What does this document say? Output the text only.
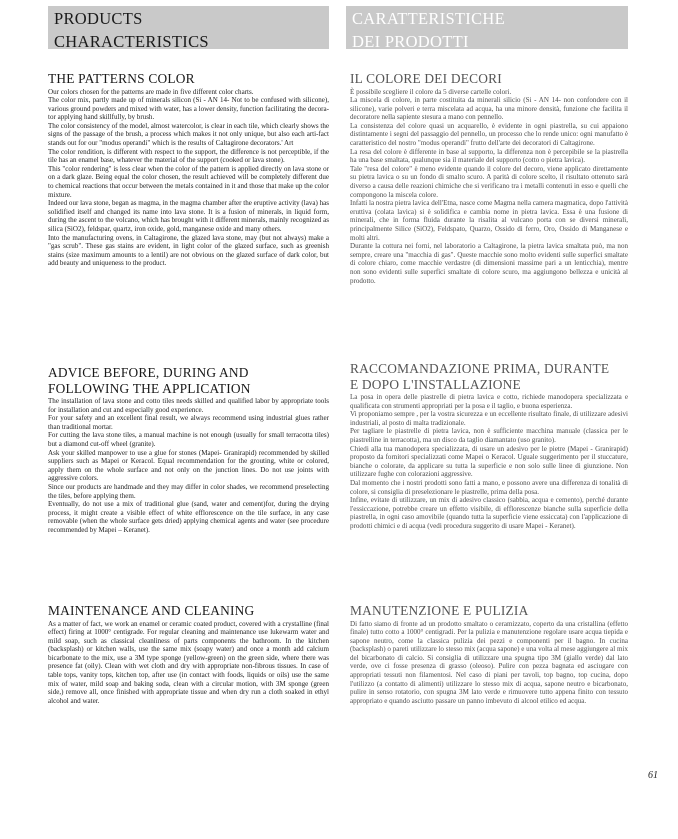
PRODUCTS
CHARACTERISTICS
CARATTERISTICHE
DEI PRODOTTI
THE PATTERNS COLOR

Our colors chosen for the patterns are made in five different color charts.

The color mix, partly made up of minerals silicon (Si - AN 14- Not to be confused with silicone), various ground powders and mixed with water, has a lower density, function facilitating the decora-tor applying hand skillfully, by brush.

The color consistency of the model, almost watercolor, is clear in each tile, which clearly shows the signs of the passage of the brush, a process which makes it not only unique, but also each arti-fact stands out for our "modus operandi" which is the results of Caltagirone decorators.' Art

The color rendition, is different with respect to the support, the difference is not perceptible, if the tile has an enamel base, whatever the material of the support (cooked or lava stone).

This "color rendering" is less clear when the color of the pattern is applied directly on lava stone or on a dark glaze. Being equal the color chosen, the result achieved will be completely different due to chemical reactions that occur between the metals contained in it and those that make up the color mixture.

Indeed our lava stone, began as magma, in the magma chamber after the eruptive activity (lava) has solidified itself and changed its name into lava stone. It is a fusion of minerals, in liquid form, during the ascent to the volcano, which has brought with it different minerals, mainly recognized as silica (SiO2), feldspar, quartz, iron oxide, gold, manganese oxide and many others.

Into the manufacturing ovens, in Caltagirone, the glazed lava stone, may (but not always) make a "gas scrub". These gas stains are evident, in light color of the glazed surface, such as greenish stains (size maximum amounts to a lentil) are not obvious on the glazed surface of dark color, but add beauty and uniqueness to the product.

ADVICE BEFORE, DURING AND
FOLLOWING THE APPLICATION

The installation of lava stone and cotto tiles needs skilled and qualified labor by appropriate tools for installation and cut and especially good experience.

For your safety and an excellent final result, we always recommend using industrial glues rather than traditional mortar.

For cutting the lava stone tiles, a manual machine is not enough (usually for small terracotta tiles) but a diamond cut-off wheel (granite).

Ask your skilled manpower to use a glue for stones (Mapei- Granirapid) recommended by skilled suppliers such as Mapei or Keracol. Equal recommendation for the grouting, white or colored, apply them on the whole surface and not only on the junction lines. Do not use joints with aggressive colors.

Since our products are handmade and they may differ in color shades, we recommend preselecting the tiles, before applying them.

Eventually, do not use a mix of traditional glue (sand, water and cement)for, during the drying process, it might create a visible effect of white efflorescence on the tile surface, in any case removable (when the whole surface gets dried) applying chemical agents and water (see procedure recommended by Mapei – Keranet).

MAINTENANCE AND CLEANING

As a matter of fact, we work an enamel or ceramic coated product, covered with a crystalline (final effect) firing at 1000° centigrade. For regular cleaning and maintenance use lukewarm water and mild soap, such as classical cleanliness of parts components the bathroom. In the kitchen (backsplash) or kitchen walls, use the same mix (soapy water) and once a month add calcium bicarbonate to the mix, use a 3M type sponge (yellow-green) on the green side, where there was presence fat (oily). Clean with wet cloth and dry with appropriate non-fibrous tissues. In case of table tops, vanity tops, kitchen top, after use (in contact with foods, liquids or oils) use the same mix of water, mild soap and baking soda, clean with a circular motion, with 3M sponge (green side,) remove all, once finished with appropriate tissue and when dry run a cloth soaked in ethyl alcohol and water.

IL COLORE DEI DECORI

È possibile scegliere il colore da 5 diverse cartelle colori.

La miscela di colore, in parte costituita da minerali silicio (Si - AN 14- non confondere con il silicone), varie polveri e terra miscelata ad acqua, ha una minore densità, funzione che facilita il decoratore nella sapiente stesura a mano con pennello.

La consistenza del colore quasi un acquarello, è evidente in ogni piastrella, su cui appaiono distintamente i segni del passaggio del pennello, un processo che lo rende unico: ogni manufatto è caratteristico del nostro "modus operandi" frutto dell'arte dei decoratori di Caltagirone.

La resa del colore è differente in base al supporto, la differenza non è percepibile se la piastrella ha una base smaltata, qualunque sia il materiale del supporto (cotto o pietra lavica).

Tale "resa del colore" è meno evidente quando il colore del decoro, viene applicato direttamente su pietra lavica o su un fondo di smalto scuro. A parità di colore scelto, il risultato ottenuto sarà diverso a causa delle reazioni chimiche che si verificano tra i metalli contenuti in esso e quelli che compongono la miscela colore.

Infatti la nostra pietra lavica dell'Etna, nasce come Magma nella camera magmatica, dopo l'attività eruttiva (colata lavica) si è solidifica e cambia nome in pietra lavica. Essa è una fusione di minerali, che in forma fluida durante la risalita al vulcano porta con se diversi minerali, principalmente Silice (SiO2), Feldspato, Quarzo, Ossido di ferro, Oro, Ossido di Manganese e molti altri.

Durante la cottura nei forni, nel laboratorio a Caltagirone, la pietra lavica smaltata può, ma non sempre, creare una "macchia di gas". Queste macchie sono molto evidenti sulle superfici smaltate di colore chiaro, come macchie verdastre (di dimensioni massime pari a un lenticchia), mentre non sono evidenti sulle superfici smaltate di colore scuro, ma aggiungono bellezza e unicità al prodotto.

RACCOMANDAZIONE PRIMA, DURANTE
E DOPO L'INSTALLAZIONE

La posa in opera delle piastrelle di pietra lavica e cotto, richiede manodopera specializzata e qualificata con strumenti appropriati per la posa e il taglio, e buona esperienza.

Vi proponiamo sempre , per la vostra sicurezza e un eccellente risultato finale, di utilizzare adesivi industriali, al posto di malta tradizionale.

Per tagliare le piastrelle di pietra lavica, non è sufficiente macchina manuale (classica per le piastrelline in terracotta), ma un disco da taglio diamantato (uso granito).

Chiedi alla tua manodopera specializzata, di usare un adesivo per le pietre (Mapei - Granirapid) proposto da fornitori specializzati come Mapei o Keracol. Uguale suggerimento per il stuccature, bianche o colorate, da applicare su tutta la superficie e non solo sulle linee di giunzione. Non utilizzare fughe con colorazioni aggressive.

Dal momento che i nostri prodotti sono fatti a mano, e possono avere una differenza di tonalità di colore, si consiglia di preselezionare le piastrelle, prima della posa.

Infine, evitate di utilizzare, un mix di adesivo classico (sabbia, acqua e cemento), perché durante l'essiccazione, potrebbe creare un effetto visibile, di efflorescenze bianche sulla superficie della piastrella, in ogni caso amovibile (quando tutta la superficie viene essiccata) con l'applicazione di prodotti chimici e di acqua (vedi procedura suggerito di usare Mapei - Keranet).

MANUTENZIONE E PULIZIA

Di fatto siamo di fronte ad un prodotto smaltato o ceramizzato, coperto da una cristallina (effetto finale) tutto cotto a 1000° centigradi. Per la pulizia e manutenzione regolare usare acqua tiepida e sapone neutro, come la classica pulizia dei pezzi e componenti per il bagno. In cucina (backsplash) o pareti utilizzare lo stesso mix (acqua sapone) e una volta al mese aggiungere al mix del bicarbonato di calcio. Si consiglia di utilizzare una spugna tipo 3M (giallo verde) dal lato verde, ove ci fosse presenza di grasso (oleoso). Pulire con pezza bagnata ed asciugare con appropriati tessuti non filamentosi. Nel caso di piani per tavoli, top bagno, top cucina, dopo l'utilizzo (a contatto di alimenti) utilizzare lo stesso mix di acqua, sapone neutro e bicarbonato, pulire in senso rotatorio, con spugna 3M lato verde e rimuovere tutto appena finito con tessuto appropriato e quando asciutto passare un panno imbevuto di alcool etilico ed acqua.

61
